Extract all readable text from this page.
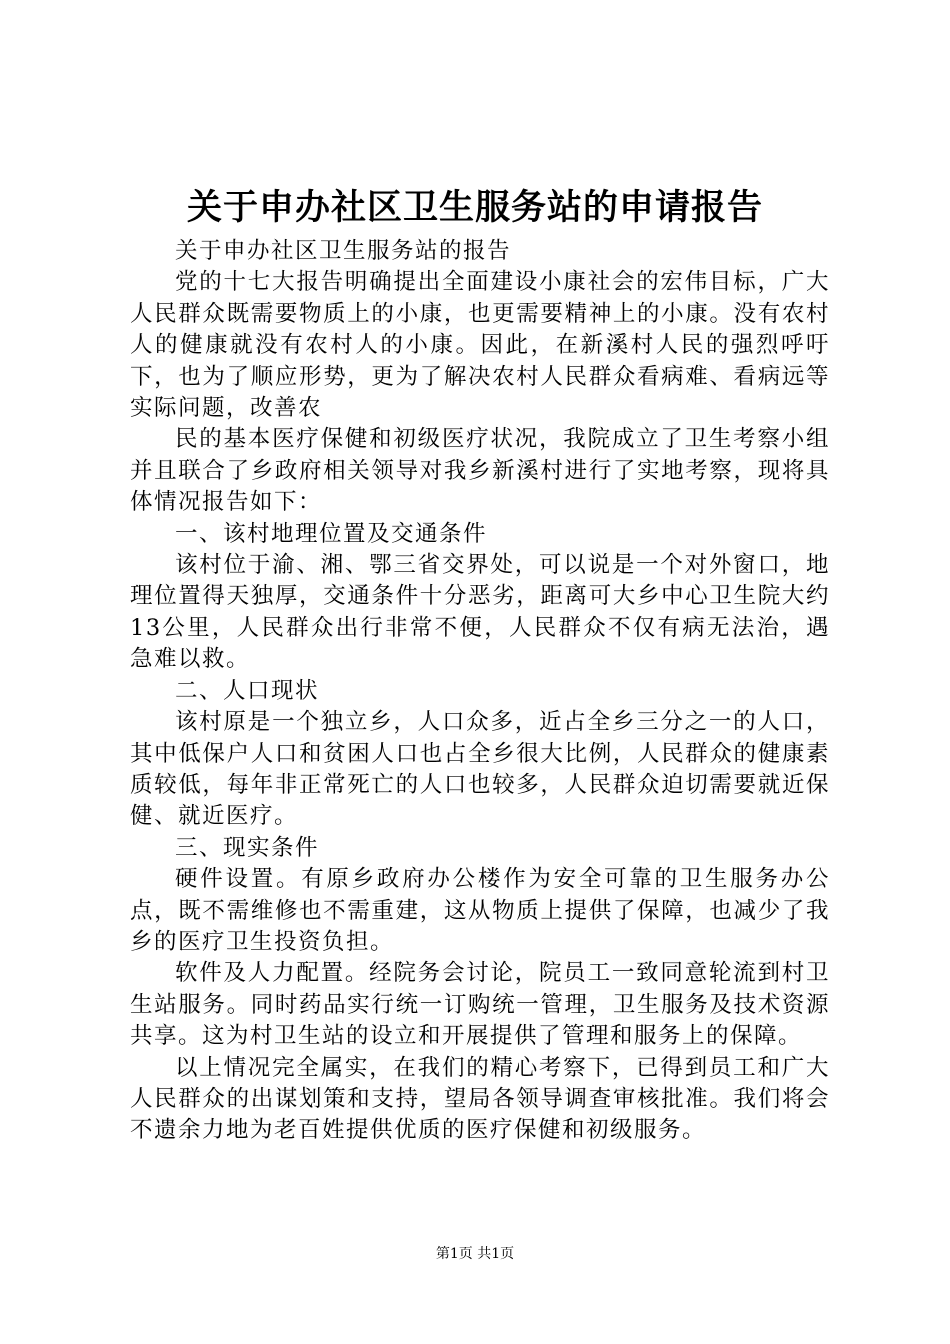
关于申办社区卫生服务站的申请报告

关于申办社区卫生服务站的报告

党的十七大报告明确提出全面建设小康社会的宏伟目标，广大人民群众既需要物质上的小康，也更需要精神上的小康。没有农村人的健康就没有农村人的小康。因此，在新溪村人民的强烈呼吁下，也为了顺应形势，更为了解决农村人民群众看病难、看病远等实际问题，改善农

民的基本医疗保健和初级医疗状况，我院成立了卫生考察小组并且联合了乡政府相关领导对我乡新溪村进行了实地考察，现将具体情况报告如下：

一、该村地理位置及交通条件

该村位于渝、湘、鄂三省交界处，可以说是一个对外窗口，地理位置得天独厚，交通条件十分恶劣，距离可大乡中心卫生院大约13公里，人民群众出行非常不便，人民群众不仅有病无法治，遇急难以救。

二、人口现状

该村原是一个独立乡，人口众多，近占全乡三分之一的人口，其中低保户人口和贫困人口也占全乡很大比例，人民群众的健康素质较低，每年非正常死亡的人口也较多，人民群众迫切需要就近保健、就近医疗。

三、现实条件

硬件设置。有原乡政府办公楼作为安全可靠的卫生服务办公点，既不需维修也不需重建，这从物质上提供了保障，也减少了我乡的医疗卫生投资负担。

软件及人力配置。经院务会讨论，院员工一致同意轮流到村卫生站服务。同时药品实行统一订购统一管理，卫生服务及技术资源共享。这为村卫生站的设立和开展提供了管理和服务上的保障。

以上情况完全属实，在我们的精心考察下，已得到员工和广大人民群众的出谋划策和支持，望局各领导调查审核批准。我们将会不遗余力地为老百姓提供优质的医疗保健和初级服务。

第1页 共1页
